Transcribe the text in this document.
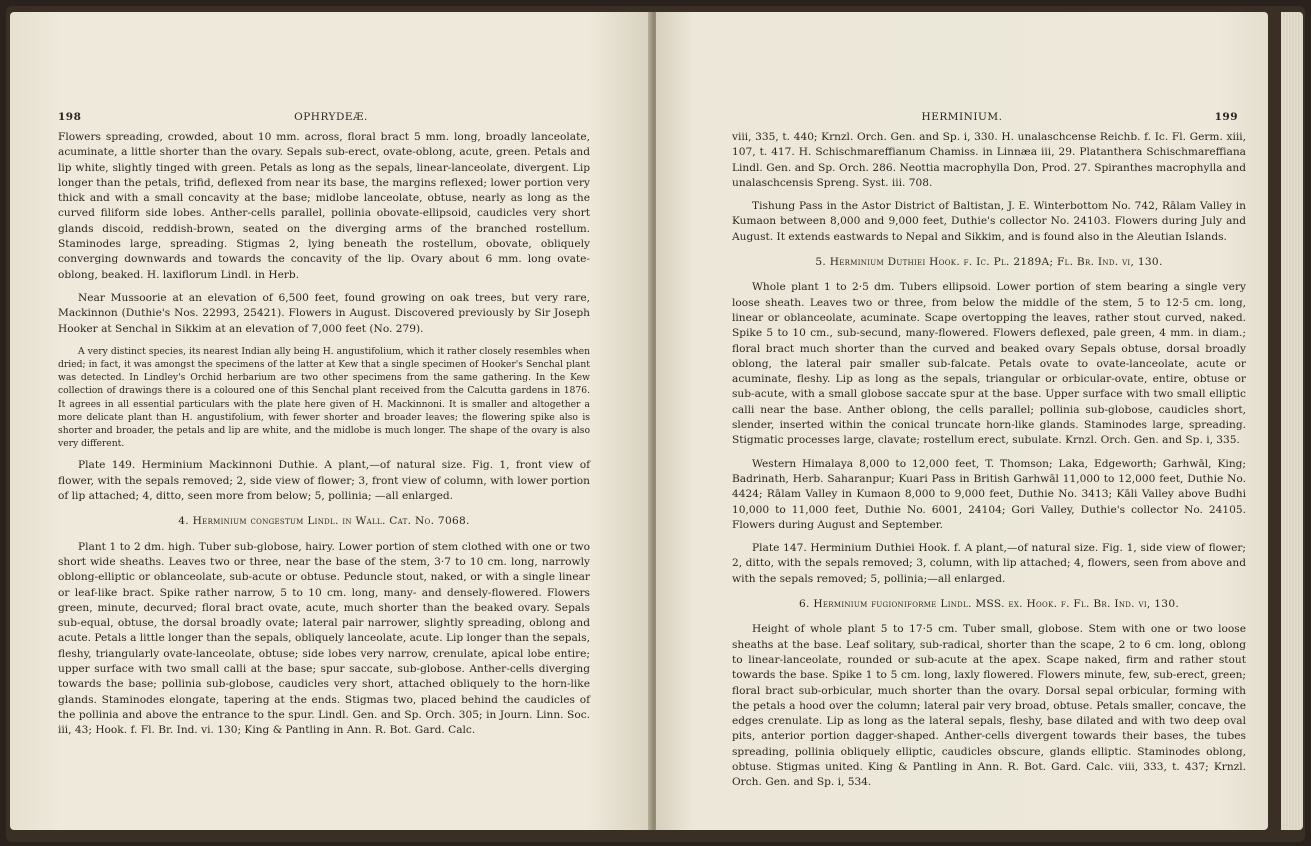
198	OPHRYDEÆ.

Flowers spreading, crowded, about 10 mm. across, floral bract 5 mm. long, broadly lanceolate, acuminate, a little shorter than the ovary. Sepals sub-erect, ovate-oblong, acute, green. Petals and lip white, slightly tinged with green. Petals as long as the sepals, linear-lanceolate, divergent. Lip longer than the petals, trifid, deflexed from near its base, the margins reflexed; lower portion very thick and with a small concavity at the base; midlobe lanceolate, obtuse, nearly as long as the curved filiform side lobes. Anther-cells parallel, pollinia obovate-ellipsoid, caudicles very short glands discoid, reddish-brown, seated on the diverging arms of the branched rostellum. Staminodes large, spreading. Stigmas 2, lying beneath the rostellum, obovate, obliquely converging downwards and towards the concavity of the lip. Ovary about 6 mm. long ovate-oblong, beaked. H. laxiflorum Lindl. in Herb.

Near Mussoorie at an elevation of 6,500 feet, found growing on oak trees, but very rare, Mackinnon (Duthie's Nos. 22993, 25421). Flowers in August. Discovered previously by Sir Joseph Hooker at Senchal in Sikkim at an elevation of 7,000 feet (No. 279).

A very distinct species, its nearest Indian ally being H. angustifolium, which it rather closely resembles when dried; in fact, it was amongst the specimens of the latter at Kew that a single specimen of Hooker's Senchal plant was detected. In Lindley's Orchid herbarium are two other specimens from the same gathering. In the Kew collection of drawings there is a coloured one of this Senchal plant received from the Calcutta gardens in 1876. It agrees in all essential particulars with the plate here given of H. Mackinnoni. It is smaller and altogether a more delicate plant than H. angustifolium, with fewer shorter and broader leaves; the flowering spike also is shorter and broader, the petals and lip are white, and the midlobe is much longer. The shape of the ovary is also very different.

Plate 149. Herminium Mackinnoni Duthie. A plant,—of natural size. Fig. 1, front view of flower, with the sepals removed; 2, side view of flower; 3, front view of column, with lower portion of lip attached; 4, ditto, seen more from below; 5, pollinia; —all enlarged.

4. Herminium congestum Lindl. in Wall. Cat. No. 7068.

Plant 1 to 2 dm. high. Tuber sub-globose, hairy. Lower portion of stem clothed with one or two short wide sheaths. Leaves two or three, near the base of the stem, 3·7 to 10 cm. long, narrowly oblong-elliptic or oblanceolate, sub-acute or obtuse. Peduncle stout, naked, or with a single linear or leaf-like bract. Spike rather narrow, 5 to 10 cm. long, many- and densely-flowered. Flowers green, minute, decurved; floral bract ovate, acute, much shorter than the beaked ovary. Sepals sub-equal, obtuse, the dorsal broadly ovate; lateral pair narrower, slightly spreading, oblong and acute. Petals a little longer than the sepals, obliquely lanceolate, acute. Lip longer than the sepals, fleshy, triangularly ovate-lanceolate, obtuse; side lobes very narrow, crenulate, apical lobe entire; upper surface with two small calli at the base; spur saccate, sub-globose. Anther-cells diverging towards the base; pollinia sub-globose, caudicles very short, attached obliquely to the horn-like glands. Staminodes elongate, tapering at the ends. Stigmas two, placed behind the caudicles of the pollinia and above the entrance to the spur. Lindl. Gen. and Sp. Orch. 305; in Journ. Linn. Soc. iii, 43; Hook. f. Fl. Br. Ind. vi. 130; King & Pantling in Ann. R. Bot. Gard. Calc.

HERMINIUM.	199

viii, 335, t. 440; Krnzl. Orch. Gen. and Sp. i, 330. H. unalaschcense Reichb. f. Ic. Fl. Germ. xiii, 107, t. 417. H. Schischmareffianum Chamiss. in Linnæa iii, 29. Platanthera Schischmareffiana Lindl. Gen. and Sp. Orch. 286. Neottia macrophylla Don, Prod. 27. Spiranthes macrophylla and unalaschcensis Spreng. Syst. iii. 708.

Tishung Pass in the Astor District of Baltistan, J. E. Winterbottom No. 742, Rālam Valley in Kumaon between 8,000 and 9,000 feet, Duthie's collector No. 24103. Flowers during July and August. It extends eastwards to Nepal and Sikkim, and is found also in the Aleutian Islands.

5. Herminium Duthiei Hook. f. Ic. Pl. 2189A; Fl. Br. Ind. vi, 130.

Whole plant 1 to 2·5 dm. Tubers ellipsoid. Lower portion of stem bearing a single very loose sheath. Leaves two or three, from below the middle of the stem, 5 to 12·5 cm. long, linear or oblanceolate, acuminate. Scape overtopping the leaves, rather stout curved, naked. Spike 5 to 10 cm., sub-secund, many-flowered. Flowers deflexed, pale green, 4 mm. in diam.; floral bract much shorter than the curved and beaked ovary Sepals obtuse, dorsal broadly oblong, the lateral pair smaller sub-falcate. Petals ovate to ovate-lanceolate, acute or acuminate, fleshy. Lip as long as the sepals, triangular or orbicular-ovate, entire, obtuse or sub-acute, with a small globose saccate spur at the base. Upper surface with two small elliptic calli near the base. Anther oblong, the cells parallel; pollinia sub-globose, caudicles short, slender, inserted within the conical truncate horn-like glands. Staminodes large, spreading. Stigmatic processes large, clavate; rostellum erect, subulate. Krnzl. Orch. Gen. and Sp. i, 335.

Western Himalaya 8,000 to 12,000 feet, T. Thomson; Laka, Edgeworth; Garhwāl, King; Badrinath, Herb. Saharanpur; Kuari Pass in British Garhwāl 11,000 to 12,000 feet, Duthie No. 4424; Rālam Valley in Kumaon 8,000 to 9,000 feet, Duthie No. 3413; Kāli Valley above Budhi 10,000 to 11,000 feet, Duthie No. 6001, 24104; Gori Valley, Duthie's collector No. 24105. Flowers during August and September.

Plate 147. Herminium Duthiei Hook. f. A plant,—of natural size. Fig. 1, side view of flower; 2, ditto, with the sepals removed; 3, column, with lip attached; 4, flowers, seen from above and with the sepals removed; 5, pollinia;—all enlarged.

6. Herminium fugioniforme Lindl. MSS. ex. Hook. f. Fl. Br. Ind. vi, 130.

Height of whole plant 5 to 17·5 cm. Tuber small, globose. Stem with one or two loose sheaths at the base. Leaf solitary, sub-radical, shorter than the scape, 2 to 6 cm. long, oblong to linear-lanceolate, rounded or sub-acute at the apex. Scape naked, firm and rather stout towards the base. Spike 1 to 5 cm. long, laxly flowered. Flowers minute, few, sub-erect, green; floral bract sub-orbicular, much shorter than the ovary. Dorsal sepal orbicular, forming with the petals a hood over the column; lateral pair very broad, obtuse. Petals smaller, concave, the edges crenulate. Lip as long as the lateral sepals, fleshy, base dilated and with two deep oval pits, anterior portion dagger-shaped. Anther-cells divergent towards their bases, the tubes spreading, pollinia obliquely elliptic, caudicles obscure, glands elliptic. Staminodes oblong, obtuse. Stigmas united. King & Pantling in Ann. R. Bot. Gard. Calc. viii, 333, t. 437; Krnzl. Orch. Gen. and Sp. i, 534.
